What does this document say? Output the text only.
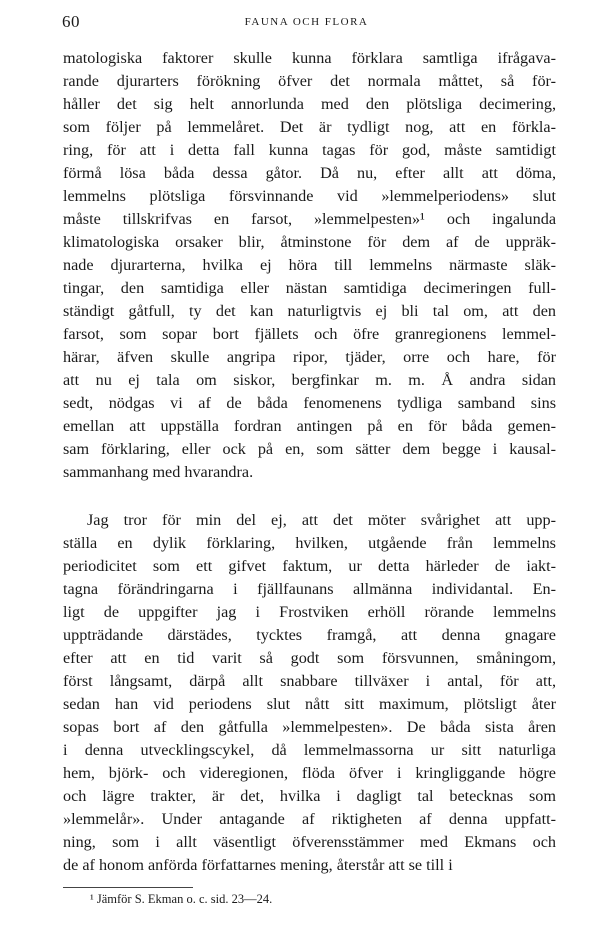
60	FAUNA OCH FLORA
matologiska faktorer skulle kunna förklara samtliga ifrågava-
rande djurarters förökning öfver det normala måttet, så för-
håller det sig helt annorlunda med den plötsliga decimering,
som följer på lemmelåret. Det är tydligt nog, att en förkla-
ring, för att i detta fall kunna tagas för god, måste samtidigt
förmå lösa båda dessa gåtor. Då nu, efter allt att döma,
lemmelns plötsliga försvinnande vid »lemmelperiodens» slut
måste tillskrifvas en farsot, »lemmelpesten»¹ och ingalunda
klimatologiska orsaker blir, åtminstone för dem af de uppräk-
nade djurarterna, hvilka ej höra till lemmelns närmaste släk-
tingar, den samtidiga eller nästan samtidiga decimeringen full-
ständigt gåtfull, ty det kan naturligtvis ej bli tal om, att den
farsot, som sopar bort fjällets och öfre granregionens lemmel-
härar, äfven skulle angripa ripor, tjäder, orre och hare, för
att nu ej tala om siskor, bergfinkar m. m. Å andra sidan
sedt, nödgas vi af de båda fenomenens tydliga samband sins
emellan att uppställa fordran antingen på en för båda gemen-
sam förklaring, eller ock på en, som sätter dem begge i kausal-
sammanhang med hvarandra.
Jag tror för min del ej, att det möter svårighet att upp-
ställa en dylik förklaring, hvilken, utgående från lemmelns
periodicitet som ett gifvet faktum, ur detta härleder de iakt-
tagna förändringarna i fjällfaunans allmänna individantal. En-
ligt de uppgifter jag i Frostviken erhöll rörande lemmelns
uppträdande därstädes, tycktes framgå, att denna gnagare
efter att en tid varit så godt som försvunnen, småningom,
först långsamt, därpå allt snabbare tillväxer i antal, för att,
sedan han vid periodens slut nått sitt maximum, plötsligt åter
sopas bort af den gåtfulla »lemmelpesten». De båda sista åren
i denna utvecklingscykel, då lemmelmassorna ur sitt naturliga
hem, björk- och videregionen, flöda öfver i kringliggande högre
och lägre trakter, är det, hvilka i dagligt tal betecknas som
»lemmelår». Under antagande af riktigheten af denna uppfatt-
ning, som i allt väsentligt öfverensstämmer med Ekmans och
de af honom anförda författarnes mening, återstår att se till i
¹ Jämför S. Ekman o. c. sid. 23—24.
